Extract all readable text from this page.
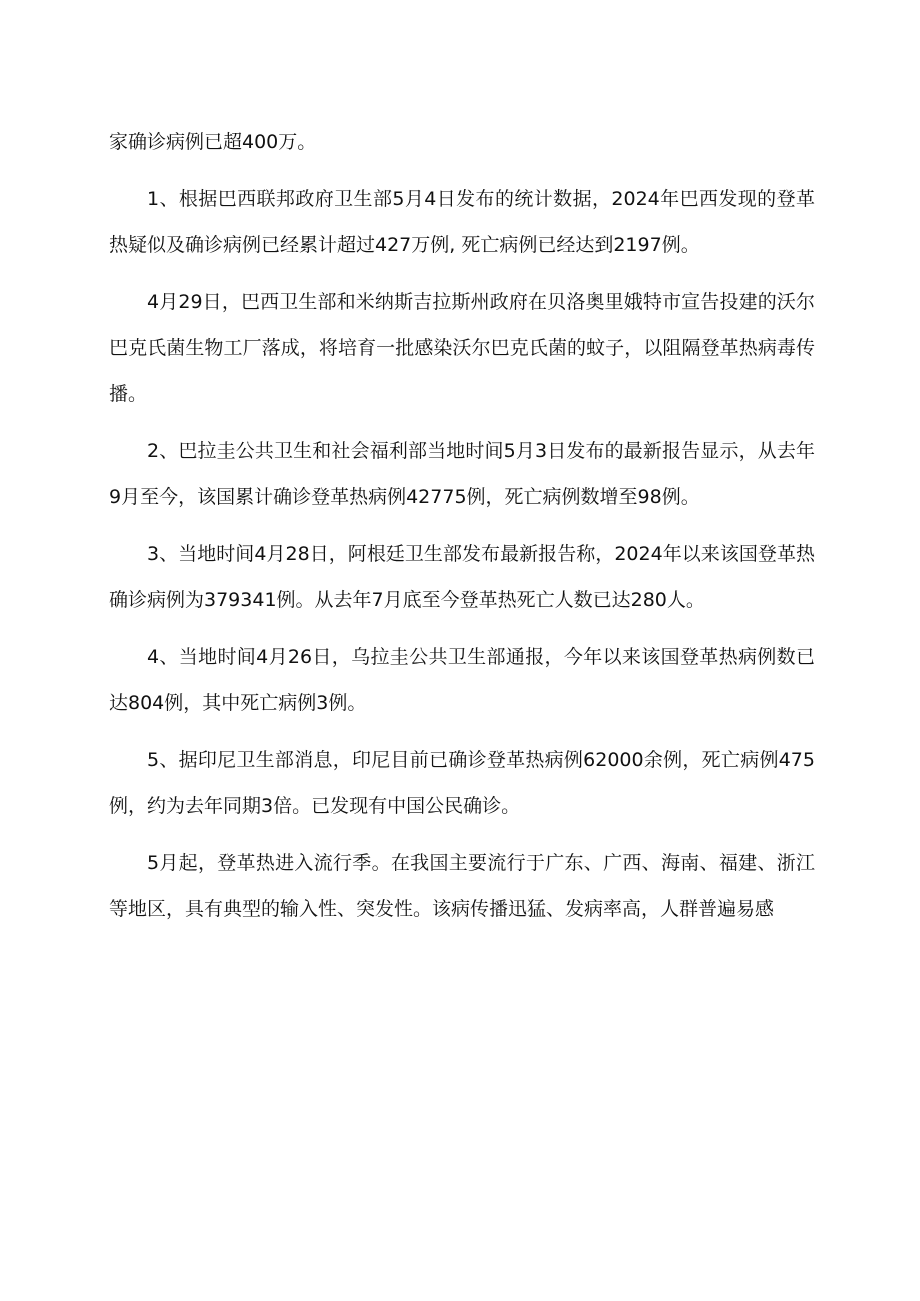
家确诊病例已超400万。

1、根据巴西联邦政府卫生部5月4日发布的统计数据，2024年巴西发现的登革热疑似及确诊病例已经累计超过427万例, 死亡病例已经达到2197例。

4月29日，巴西卫生部和米纳斯吉拉斯州政府在贝洛奥里娥特市宣告投建的沃尔巴克氏菌生物工厂落成，将培育一批感染沃尔巴克氏菌的蚊子，以阻隔登革热病毒传播。

2、巴拉圭公共卫生和社会福利部当地时间5月3日发布的最新报告显示，从去年9月至今，该国累计确诊登革热病例42775例，死亡病例数增至98例。

3、当地时间4月28日，阿根廷卫生部发布最新报告称，2024年以来该国登革热确诊病例为379341例。从去年7月底至今登革热死亡人数已达280人。

4、当地时间4月26日，乌拉圭公共卫生部通报，今年以来该国登革热病例数已达804例，其中死亡病例3例。

5、据印尼卫生部消息，印尼目前已确诊登革热病例62000余例，死亡病例475例，约为去年同期3倍。已发现有中国公民确诊。

5月起，登革热进入流行季。在我国主要流行于广东、广西、海南、福建、浙江等地区，具有典型的输入性、突发性。该病传播迅猛、发病率高，人群普遍易感
